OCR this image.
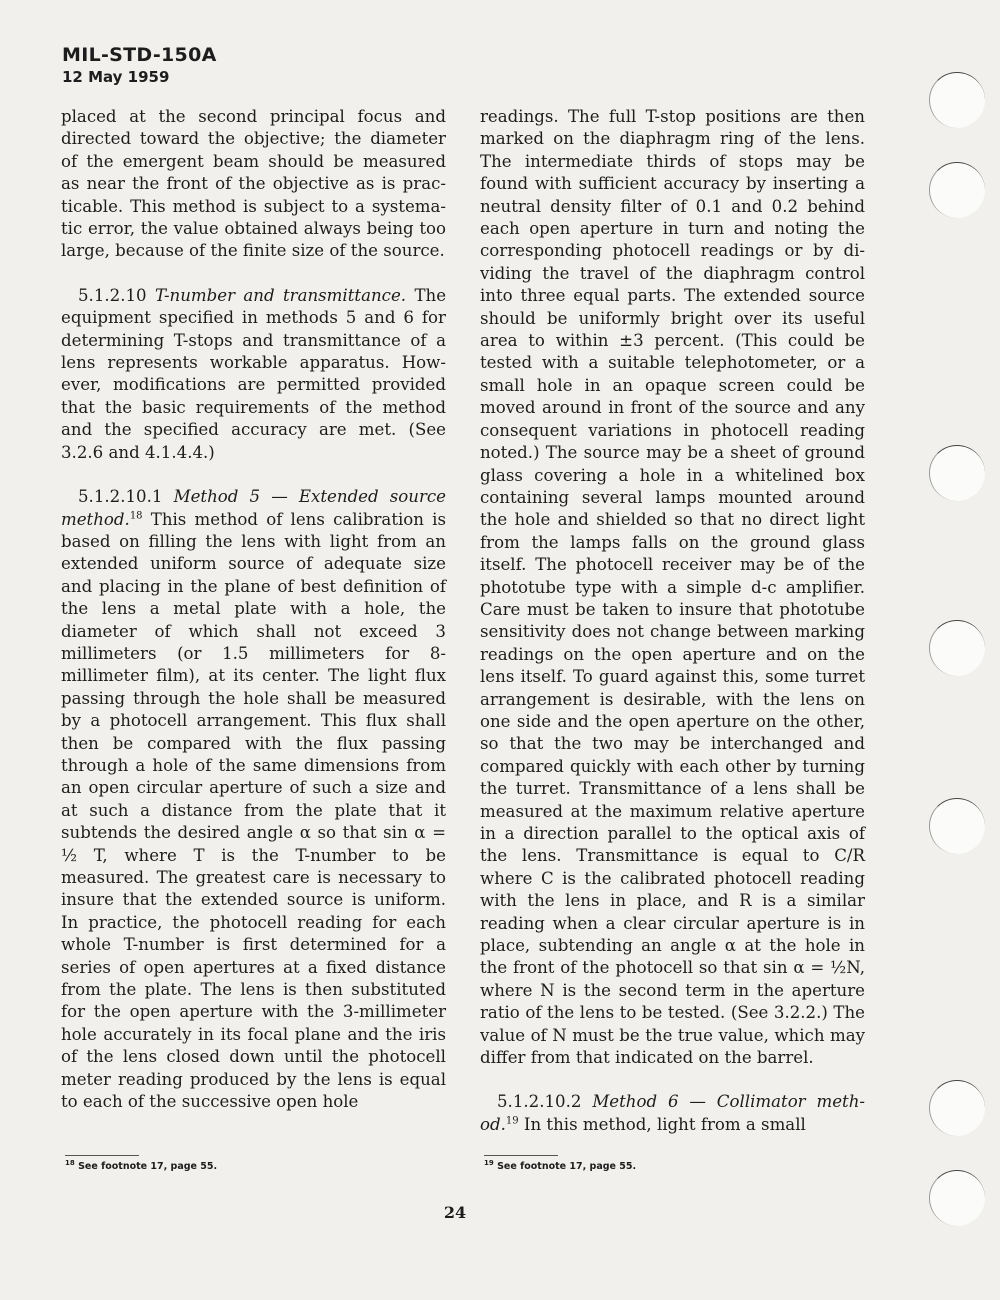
MIL-STD-150A
12 May 1959

placed at the second principal focus and directed toward the objective; the diameter of the emergent beam should be measured as near the front of the objective as is practicable. This method is subject to a systematic error, the value obtained always being too large, because of the finite size of the source.

5.1.2.10 T-number and transmittance. The equipment specified in methods 5 and 6 for determining T-stops and transmittance of a lens represents workable apparatus. However, modifications are permitted provided that the basic requirements of the method and the specified accuracy are met. (See 3.2.6 and 4.1.4.4.)

5.1.2.10.1 Method 5 — Extended source method.$^{18}$ This method of lens calibration is based on filling the lens with light from an extended uniform source of adequate size and placing in the plane of best definition of the lens a metal plate with a hole, the diameter of which shall not exceed 3 millimeters (or 1.5 millimeters for 8-millimeter film), at its center. The light flux passing through the hole shall be measured by a photocell arrangement. This flux shall then be compared with the flux passing through a hole of the same dimensions from an open circular aperture of such a size and at such a distance from the plate that it subtends the desired angle α so that sin α = ½ T, where T is the T-number to be measured. The greatest care is necessary to insure that the extended source is uniform. In practice, the photocell reading for each whole T-number is first determined for a series of open apertures at a fixed distance from the plate. The lens is then substituted for the open aperture with the 3-millimeter hole accurately in its focal plane and the iris of the lens closed down until the photocell meter reading produced by the lens is equal to each of the successive open hole

readings. The full T-stop positions are then marked on the diaphragm ring of the lens. The intermediate thirds of stops may be found with sufficient accuracy by inserting a neutral density filter of 0.1 and 0.2 behind each open aperture in turn and noting the corresponding photocell readings or by dividing the travel of the diaphragm control into three equal parts. The extended source should be uniformly bright over its useful area to within ±3 percent. (This could be tested with a suitable telephotometer, or a small hole in an opaque screen could be moved around in front of the source and any consequent variations in photocell reading noted.) The source may be a sheet of ground glass covering a hole in a whitelined box containing several lamps mounted around the hole and shielded so that no direct light from the lamps falls on the ground glass itself. The photocell receiver may be of the phototube type with a simple d-c amplifier. Care must be taken to insure that phototube sensitivity does not change between marking readings on the open aperture and on the lens itself. To guard against this, some turret arrangement is desirable, with the lens on one side and the open aperture on the other, so that the two may be interchanged and compared quickly with each other by turning the turret. Transmittance of a lens shall be measured at the maximum relative aperture in a direction parallel to the optical axis of the lens. Transmittance is equal to C/R where C is the calibrated photocell reading with the lens in place, and R is a similar reading when a clear circular aperture is in place, subtending an angle α at the hole in the front of the photocell so that sin α = ½N, where N is the second term in the aperture ratio of the lens to be tested. (See 3.2.2.) The value of N must be the true value, which may differ from that indicated on the barrel.

5.1.2.10.2 Method 6 — Collimator method.$^{19}$ In this method, light from a small

$^{18}$ See footnote 17, page 55.	$^{19}$ See footnote 17, page 55.
24
